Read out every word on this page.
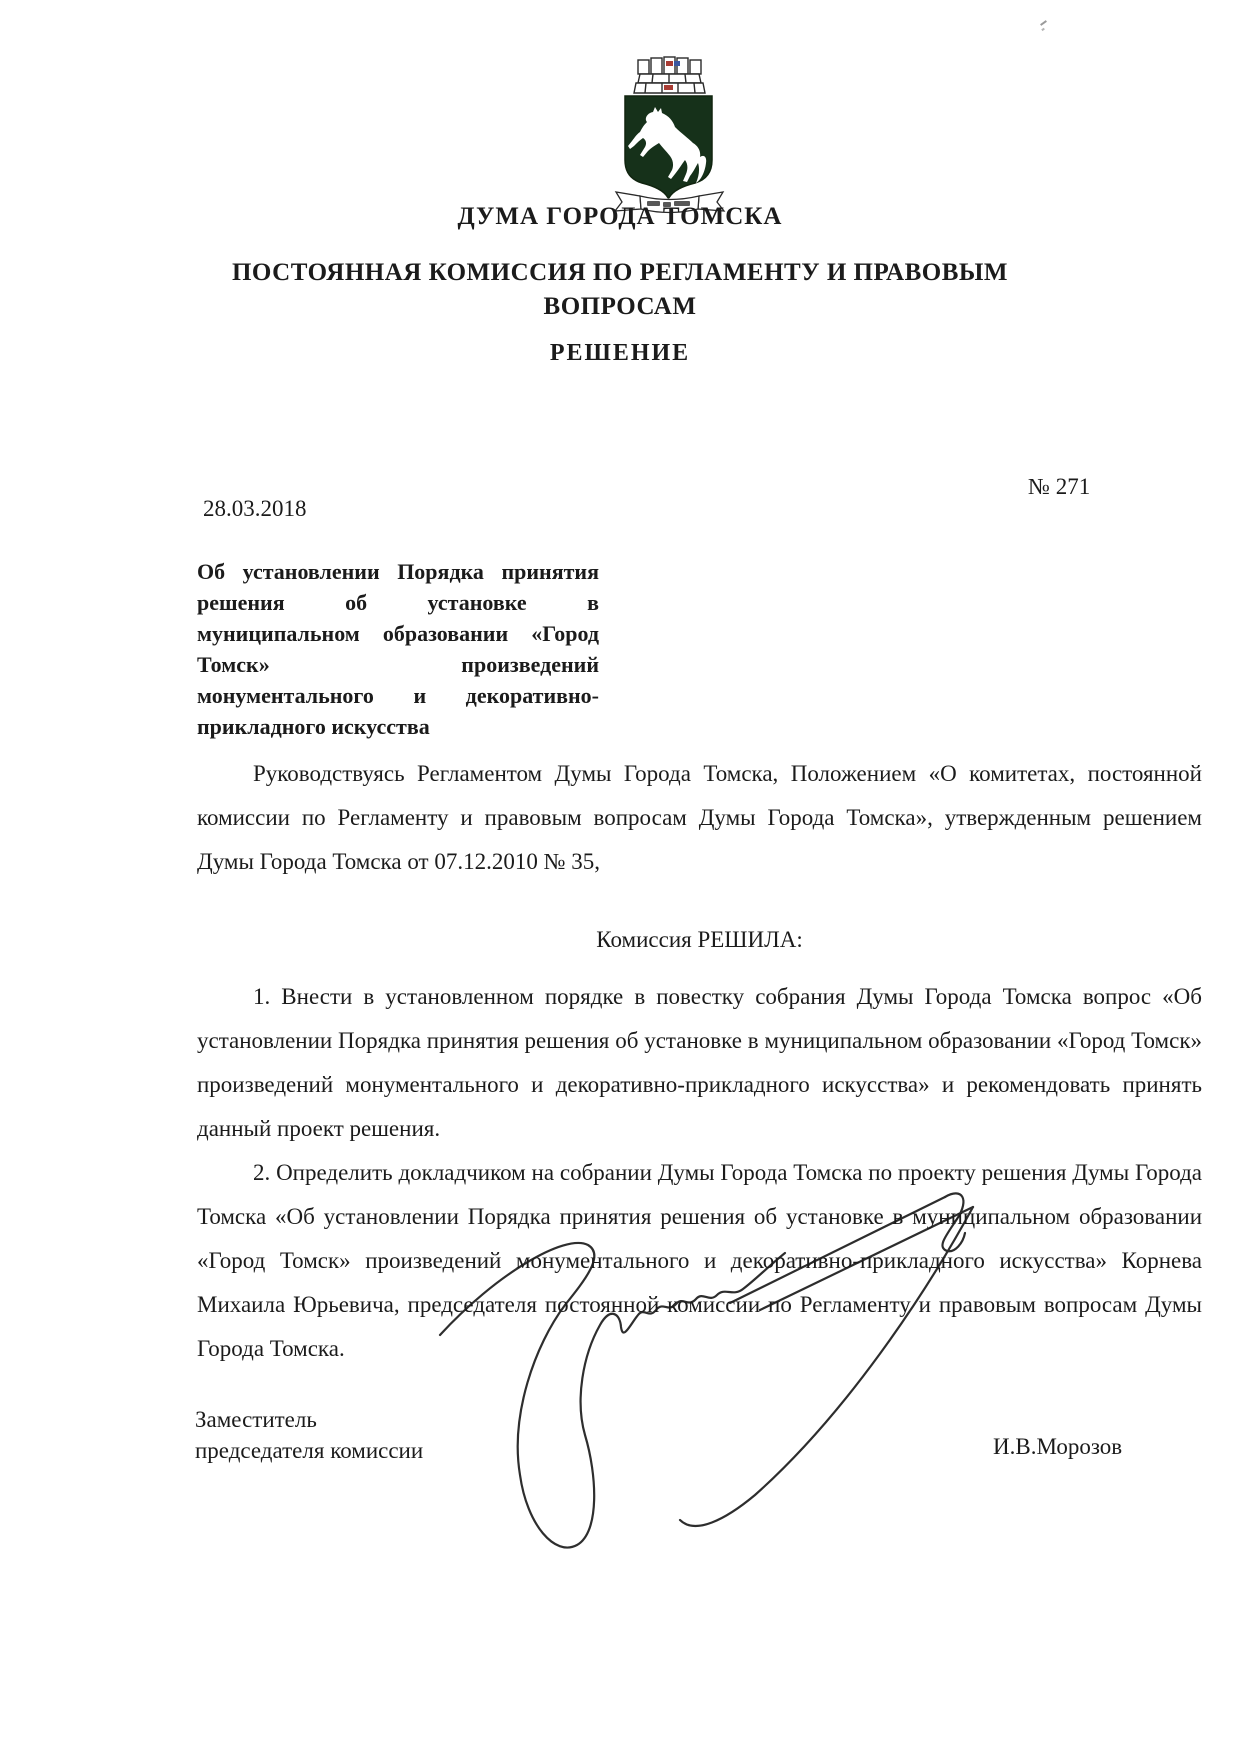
ДУМА ГОРОДА ТОМСКА
ПОСТОЯННАЯ КОМИССИЯ ПО РЕГЛАМЕНТУ И ПРАВОВЫМ
ВОПРОСАМ
РЕШЕНИЕ
№ 271
28.03.2018
Об установлении Порядка принятия
решения об установке в
муниципальном образовании «Город
Томск» произведений
монументального и декоративно-
прикладного искусства

Руководствуясь Регламентом Думы Города Томска, Положением «О комитетах, постоянной комиссии по Регламенту и правовым вопросам Думы Города Томска», утвержденным решением Думы Города Томска от 07.12.2010 № 35,

Комиссия РЕШИЛА:

1. Внести в установленном порядке в повестку собрания Думы Города Томска вопрос «Об установлении Порядка принятия решения об установке в муниципальном образовании «Город Томск» произведений монументального и декоративно-прикладного искусства» и рекомендовать принять данный проект решения.

2. Определить докладчиком на собрании Думы Города Томска по проекту решения Думы Города Томска «Об установлении Порядка принятия решения об установке в муниципальном образовании «Город Томск» произведений монументального и декоративно-прикладного искусства» Корнева Михаила Юрьевича, председателя постоянной комиссии по Регламенту и правовым вопросам Думы Города Томска.

Заместитель
председателя комиссии	И.В.Морозов
